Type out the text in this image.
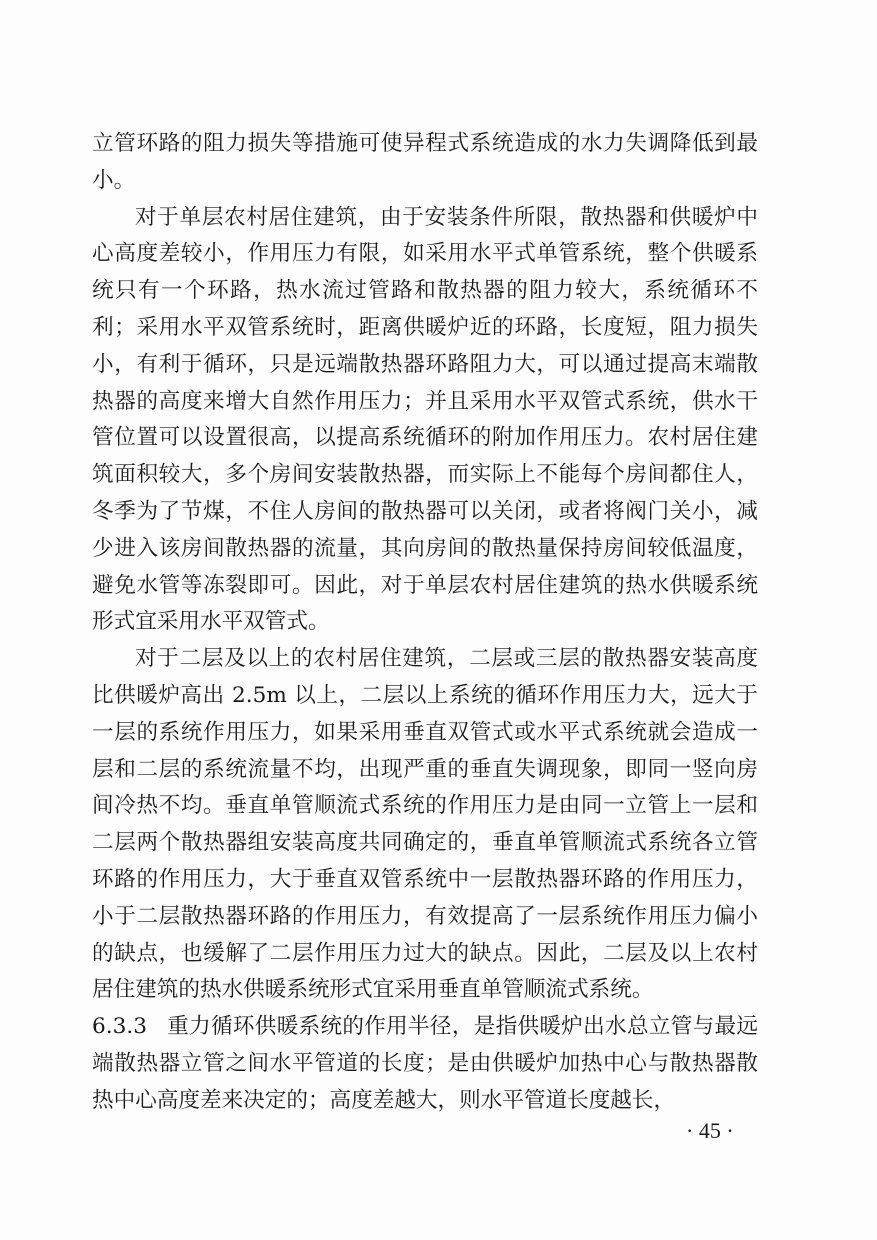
立管环路的阻力损失等措施可使异程式系统造成的水力失调降低到最小。

对于单层农村居住建筑，由于安装条件所限，散热器和供暖炉中心高度差较小，作用压力有限，如采用水平式单管系统，整个供暖系统只有一个环路，热水流过管路和散热器的阻力较大，系统循环不利；采用水平双管系统时，距离供暖炉近的环路，长度短，阻力损失小，有利于循环，只是远端散热器环路阻力大，可以通过提高末端散热器的高度来增大自然作用压力；并且采用水平双管式系统，供水干管位置可以设置很高，以提高系统循环的附加作用压力。农村居住建筑面积较大，多个房间安装散热器，而实际上不能每个房间都住人，冬季为了节煤，不住人房间的散热器可以关闭，或者将阀门关小，减少进入该房间散热器的流量，其向房间的散热量保持房间较低温度，避免水管等冻裂即可。因此，对于单层农村居住建筑的热水供暖系统形式宜采用水平双管式。

对于二层及以上的农村居住建筑，二层或三层的散热器安装高度比供暖炉高出 2.5m 以上，二层以上系统的循环作用压力大，远大于一层的系统作用压力，如果采用垂直双管式或水平式系统就会造成一层和二层的系统流量不均，出现严重的垂直失调现象，即同一竖向房间冷热不均。垂直单管顺流式系统的作用压力是由同一立管上一层和二层两个散热器组安装高度共同确定的，垂直单管顺流式系统各立管环路的作用压力，大于垂直双管系统中一层散热器环路的作用压力，小于二层散热器环路的作用压力，有效提高了一层系统作用压力偏小的缺点，也缓解了二层作用压力过大的缺点。因此，二层及以上农村居住建筑的热水供暖系统形式宜采用垂直单管顺流式系统。

6.3.3 重力循环供暖系统的作用半径，是指供暖炉出水总立管与最远端散热器立管之间水平管道的长度；是由供暖炉加热中心与散热器散热中心高度差来决定的；高度差越大，则水平管道长度越长，

· 45 ·
